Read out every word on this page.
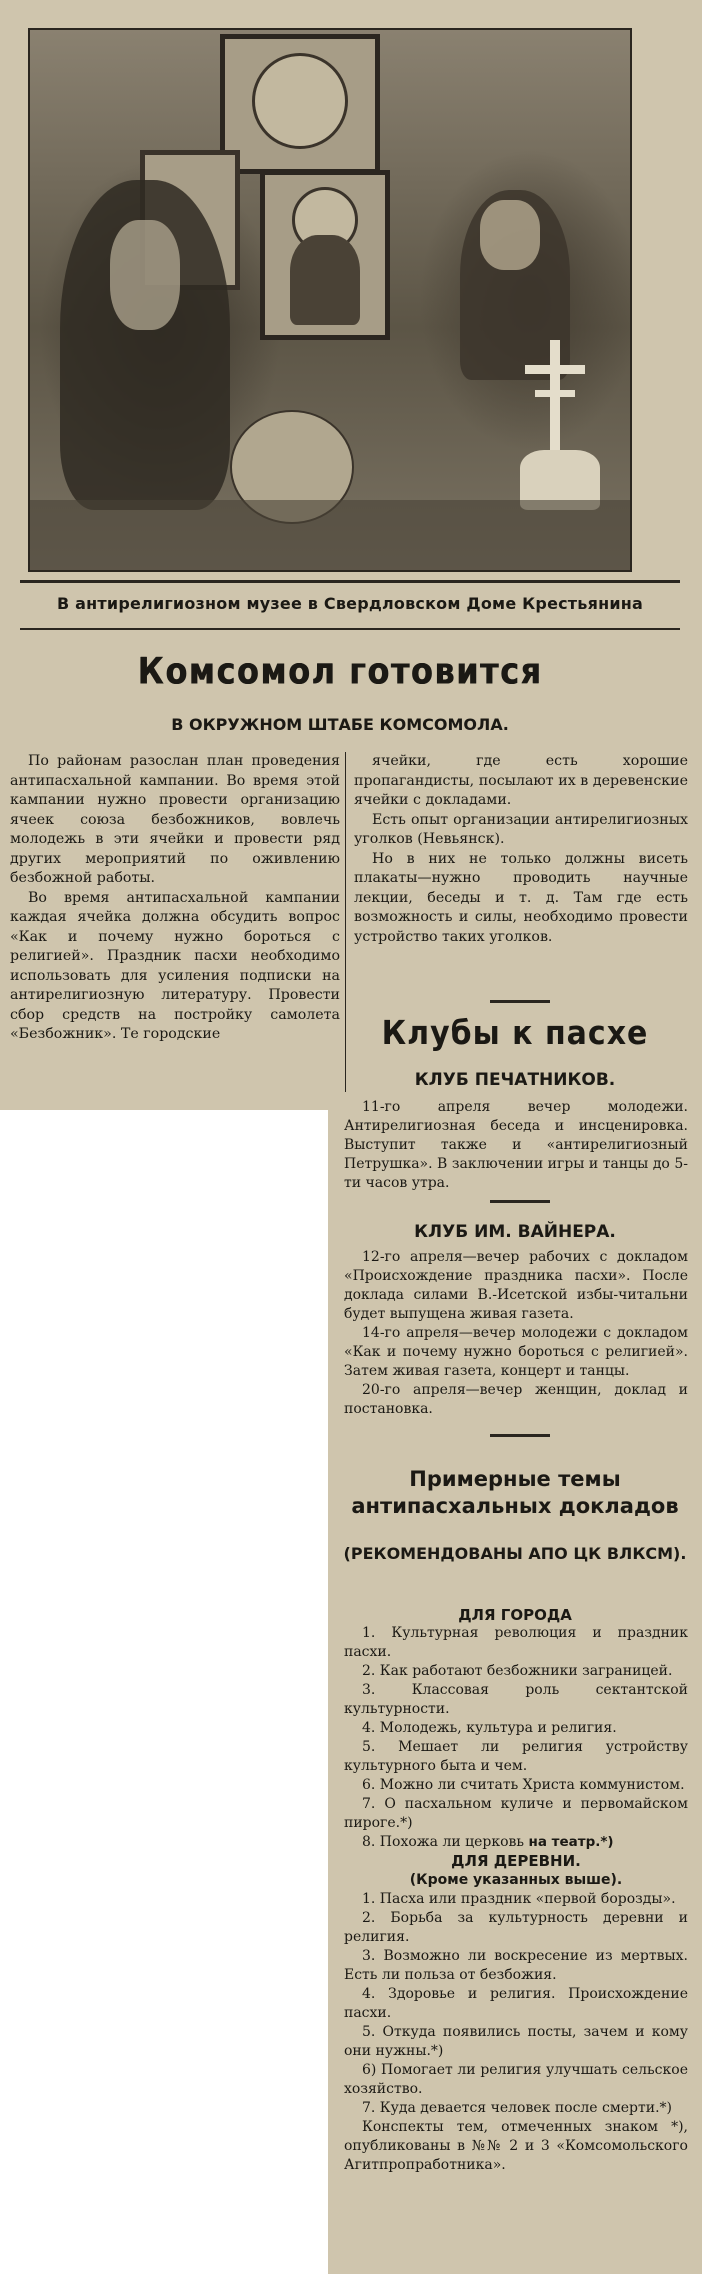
В антирелигиозном музее в Свердловском Доме Крестьянина
Комсомол готовится
В ОКРУЖНОМ ШТАБЕ КОМСОМОЛА.

По районам разослан план проведения антипасхальной кампании. Во время этой кампании нужно провести организацию ячеек союза безбожников, вовлечь молодежь в эти ячейки и провести ряд других мероприятий по оживлению безбожной работы.

Во время антипасхальной кампании каждая ячейка должна обсудить вопрос «Как и почему нужно бороться с религией». Праздник пасхи необходимо использовать для усиления подписки на антирелигиозную литературу. Провести сбор средств на постройку самолета «Безбожник». Те городские

ячейки, где есть хорошие пропагандисты, посылают их в деревенские ячейки с докладами.

Есть опыт организации антирелигиозных уголков (Невьянск).

Но в них не только должны висеть плакаты—нужно проводить научные лекции, беседы и т. д. Там где есть возможность и силы, необходимо провести устройство таких уголков.

Клубы к пасхе
КЛУБ ПЕЧАТНИКОВ.

11-го апреля вечер молодежи. Антирелигиозная беседа и инсценировка. Выступит также и «антирелигиозный Петрушка». В заключении игры и танцы до 5-ти часов утра.

КЛУБ ИМ. ВАЙНЕРА.

12-го апреля—вечер рабочих с докладом «Происхождение праздника пасхи». После доклада силами В.-Исетской избы-читальни будет выпущена живая газета.

14-го апреля—вечер молодежи с докладом «Как и почему нужно бороться с религией». Затем живая газета, концерт и танцы.

20-го апреля—вечер женщин, доклад и постановка.

Примерные темы антипасхальных докладов
(РЕКОМЕНДОВАНЫ АПО ЦК ВЛКСМ).
ДЛЯ ГОРОДА
1. Культурная революция и праздник пасхи.
2. Как работают безбожники заграницей.
3. Классовая роль сектантской культурности.
4. Молодежь, культура и религия.
5. Мешает ли религия устройству культурного быта и чем.
6. Можно ли считать Христа коммунистом.
7. О пасхальном куличе и первомайском пироге.*)
8. Похожа ли церковь на театр.*)
ДЛЯ ДЕРЕВНИ.
(Кроме указанных выше).
1. Пасха или праздник «первой борозды».
2. Борьба за культурность деревни и религия.
3. Возможно ли воскресение из мертвых. Есть ли польза от безбожия.
4. Здоровье и религия. Происхождение пасхи.
5. Откуда появились посты, зачем и кому они нужны.*)
6) Помогает ли религия улучшать сельское хозяйство.
7. Куда девается человек после смерти.*)
Конспекты тем, отмеченных знаком *), опубликованы в №№ 2 и 3 «Комсомольского Агитпропработника».
